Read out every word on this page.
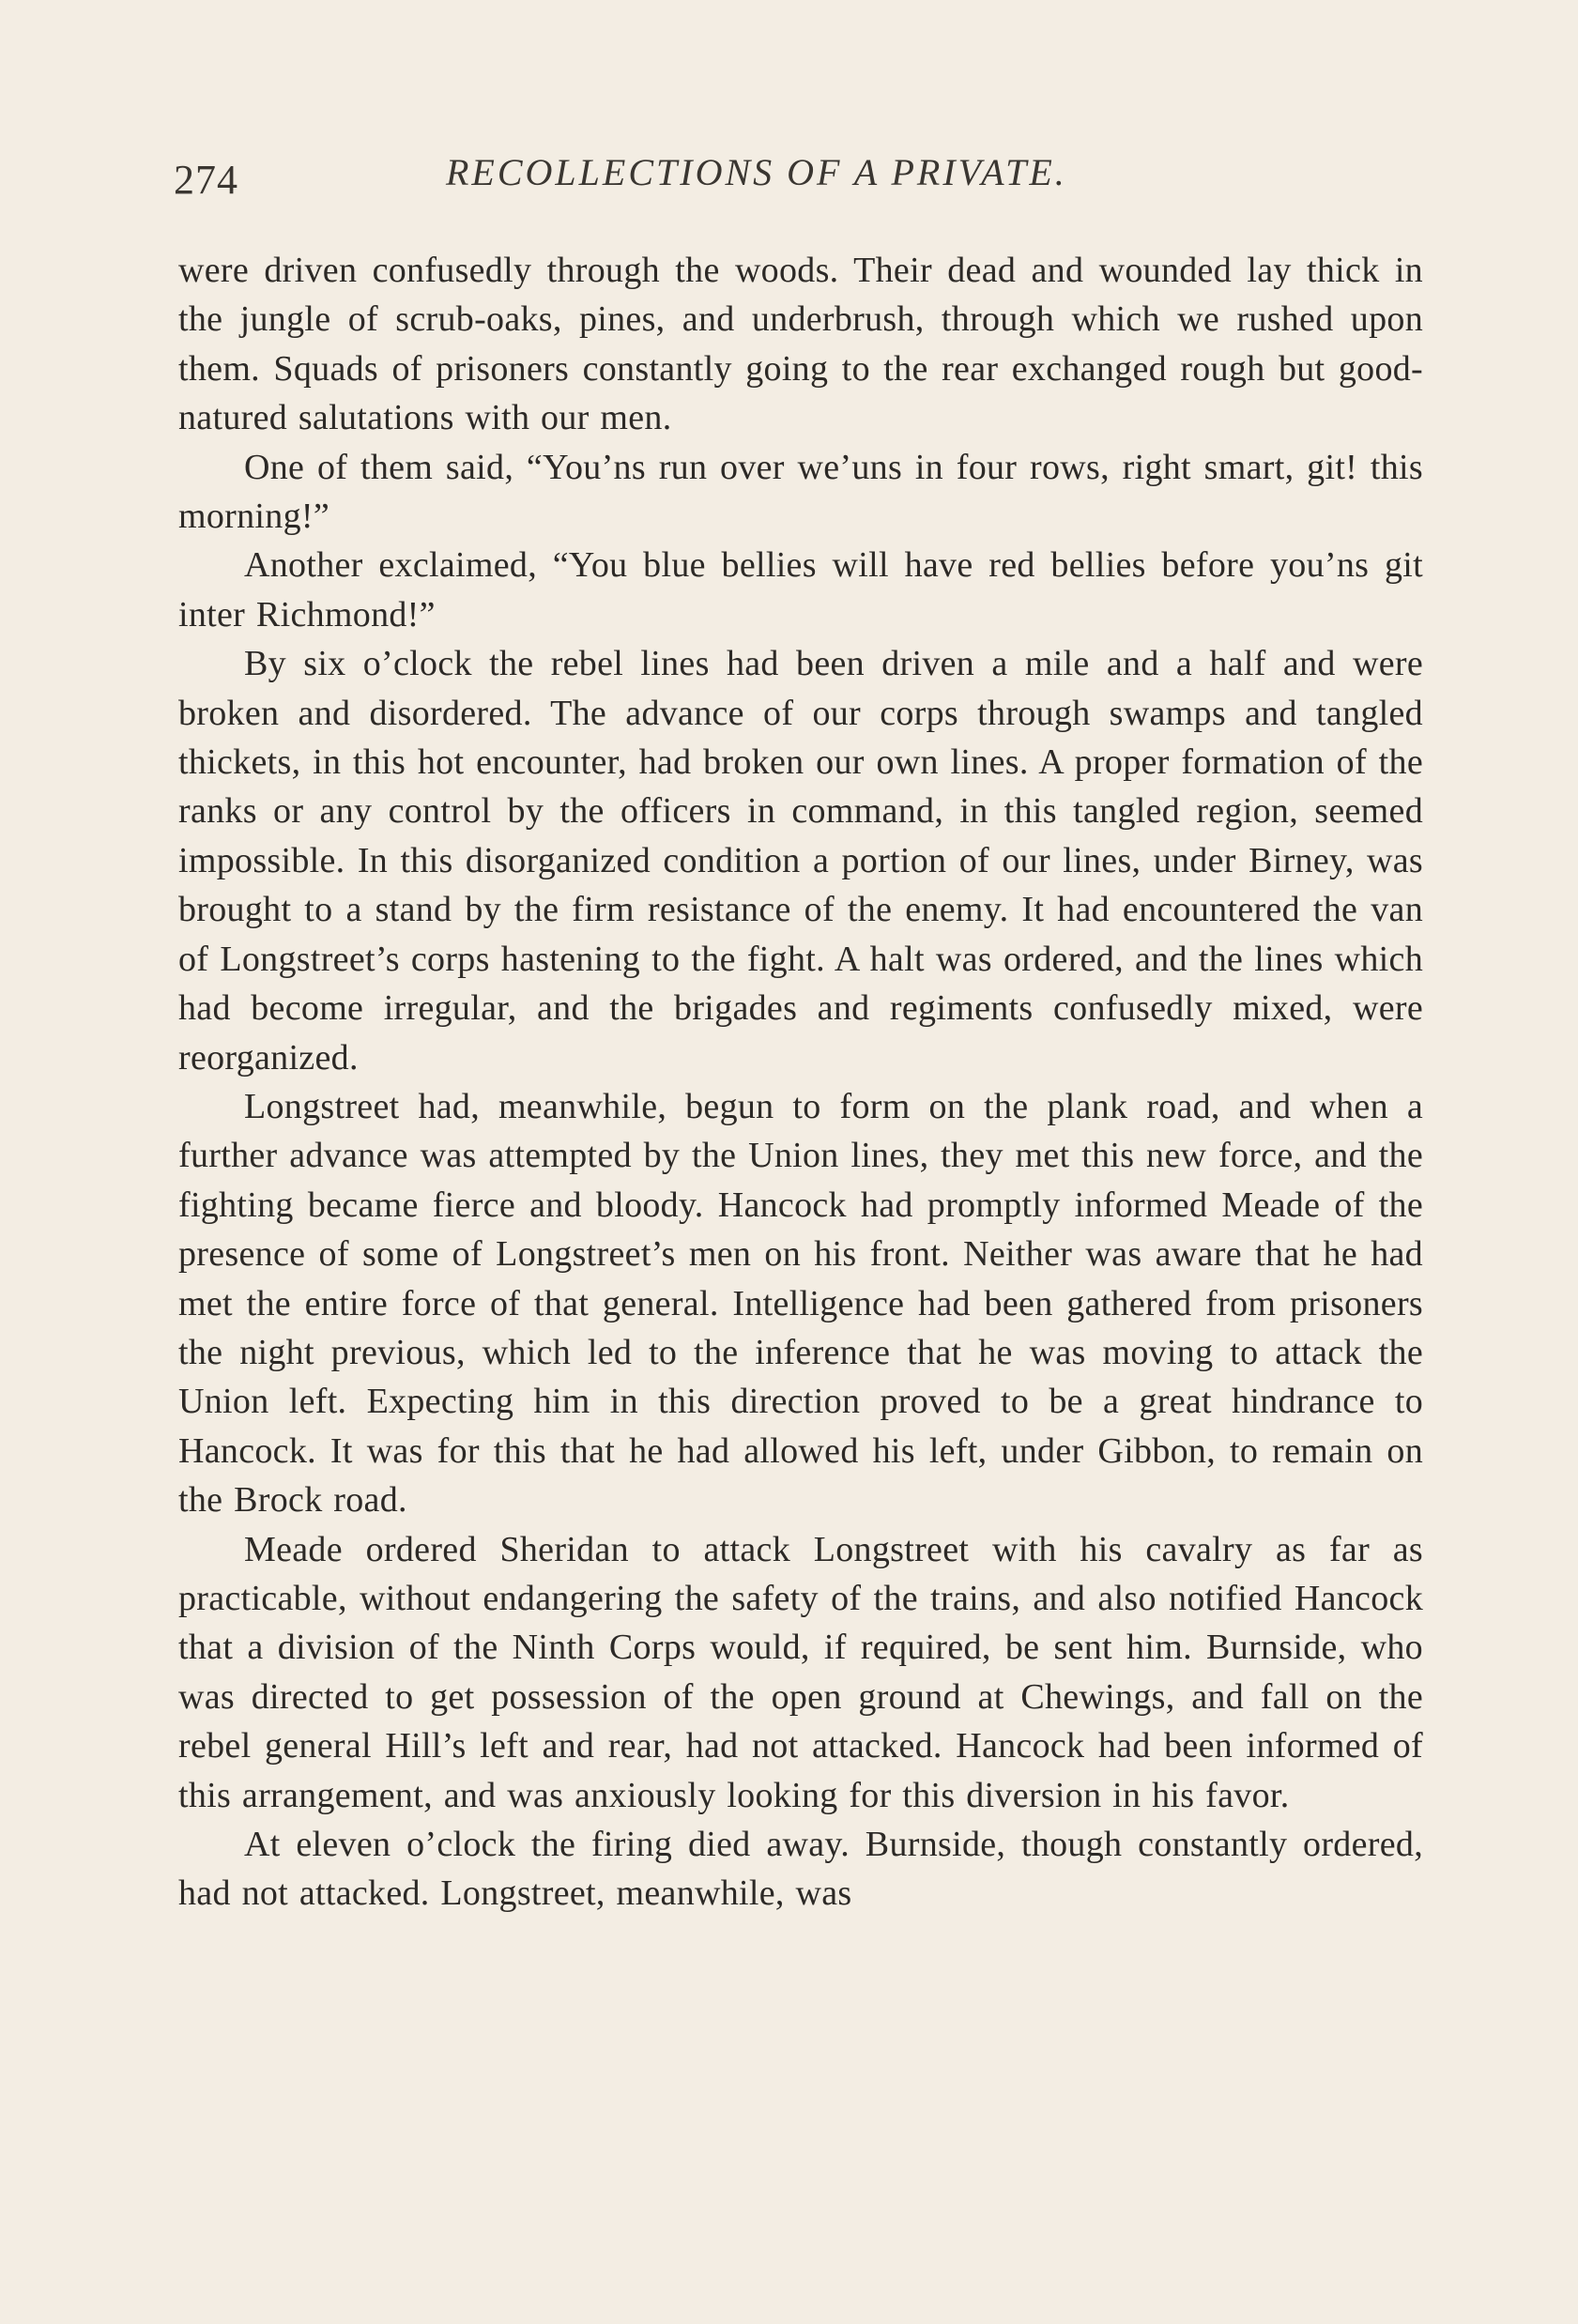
274	RECOLLECTIONS OF A PRIVATE.

were driven confusedly through the woods. Their dead and wounded lay thick in the jungle of scrub-oaks, pines, and underbrush, through which we rushed upon them. Squads of prisoners constantly going to the rear exchanged rough but good-natured salutations with our men.

One of them said, “You’ns run over we’uns in four rows, right smart, git! this morning!”

Another exclaimed, “You blue bellies will have red bellies before you’ns git inter Richmond!”

By six o’clock the rebel lines had been driven a mile and a half and were broken and disordered. The advance of our corps through swamps and tangled thickets, in this hot encounter, had broken our own lines. A proper formation of the ranks or any control by the officers in command, in this tangled region, seemed impossible. In this disorganized condition a portion of our lines, under Birney, was brought to a stand by the firm resistance of the enemy. It had encountered the van of Longstreet’s corps hastening to the fight. A halt was ordered, and the lines which had become irregular, and the brigades and regiments confusedly mixed, were reorganized.

Longstreet had, meanwhile, begun to form on the plank road, and when a further advance was attempted by the Union lines, they met this new force, and the fighting became fierce and bloody. Hancock had promptly informed Meade of the presence of some of Longstreet’s men on his front. Neither was aware that he had met the entire force of that general. Intelligence had been gathered from prisoners the night previous, which led to the inference that he was moving to attack the Union left. Expecting him in this direction proved to be a great hindrance to Hancock. It was for this that he had allowed his left, under Gibbon, to remain on the Brock road.

Meade ordered Sheridan to attack Longstreet with his cavalry as far as practicable, without endangering the safety of the trains, and also notified Hancock that a division of the Ninth Corps would, if required, be sent him. Burnside, who was directed to get possession of the open ground at Chewings, and fall on the rebel general Hill’s left and rear, had not attacked. Hancock had been informed of this arrangement, and was anxiously looking for this diversion in his favor.

At eleven o’clock the firing died away. Burnside, though constantly ordered, had not attacked. Longstreet, meanwhile, was
